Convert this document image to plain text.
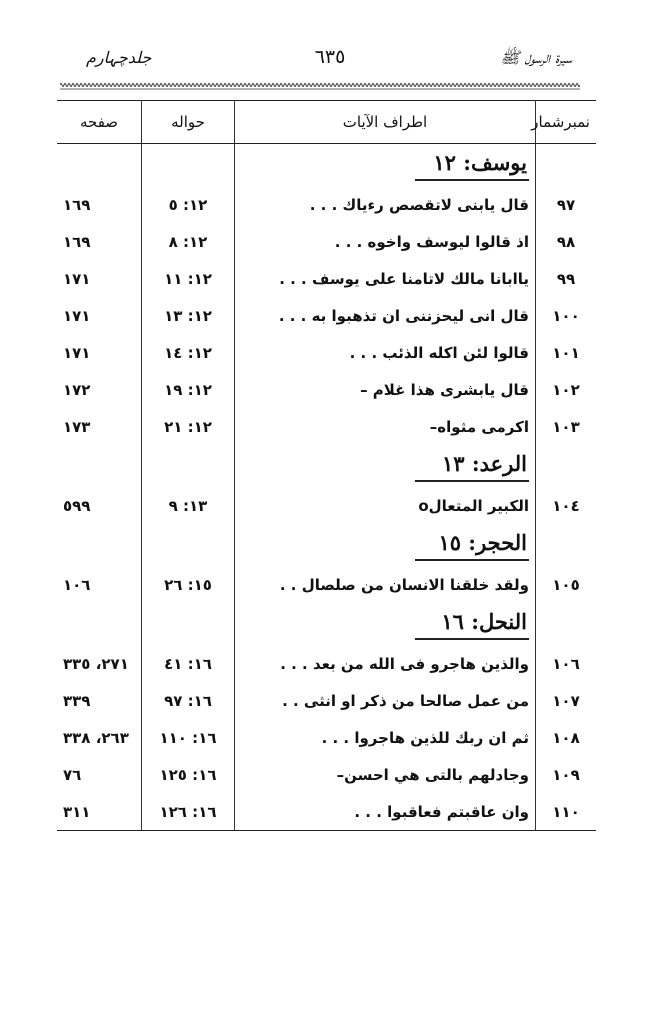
جلدچہارم	٦٣٥	سیرۃ الرسول ﷺ
نمبرشمار	اطراف الآیات	حواله	صفحه
	يوسف: ١٢		
٩٧	قال يابنى لاتقصص رءياك . . .	١٢: ٥	١٦٩
٩٨	اذ قالوا ليوسف واخوه . . .	١٢: ٨	١٦٩
٩٩	ياابانا مالك لاتامنا على يوسف . . .	١٢: ١١	١٧١
١٠٠	قال انى ليحزننى ان تذهبوا به . . .	١٢: ١٣	١٧١
١٠١	قالوا لئن اكله الذئب . . .	١٢: ١٤	١٧١
١٠٢	قال يابشرى هذا غلام –	١٢: ١٩	١٧٢
١٠٣	اكرمى مثواه–	١٢: ٢١	١٧٣
	الرعد: ١٣		
١٠٤	الكبير المتعالo	١٣: ٩	٥٩٩
	الحجر: ١٥		
١٠٥	ولقد خلقنا الانسان من صلصال . .	١٥: ٢٦	١٠٦
	النحل: ١٦		
١٠٦	والذين هاجرو فى الله من بعد . . .	١٦: ٤١	٢٧١، ٣٣٥
١٠٧	من عمل صالحا من ذكر او انثى . .	١٦: ٩٧	٣٣٩
١٠٨	ثم ان ربك للذين هاجروا . . .	١٦: ١١٠	٢٦٣، ٣٣٨
١٠٩	وجادلهم بالتى هي احسن–	١٦: ١٢٥	٧٦
١١٠	وان عاقبتم فعاقبوا . . .	١٦: ١٢٦	٣١١
